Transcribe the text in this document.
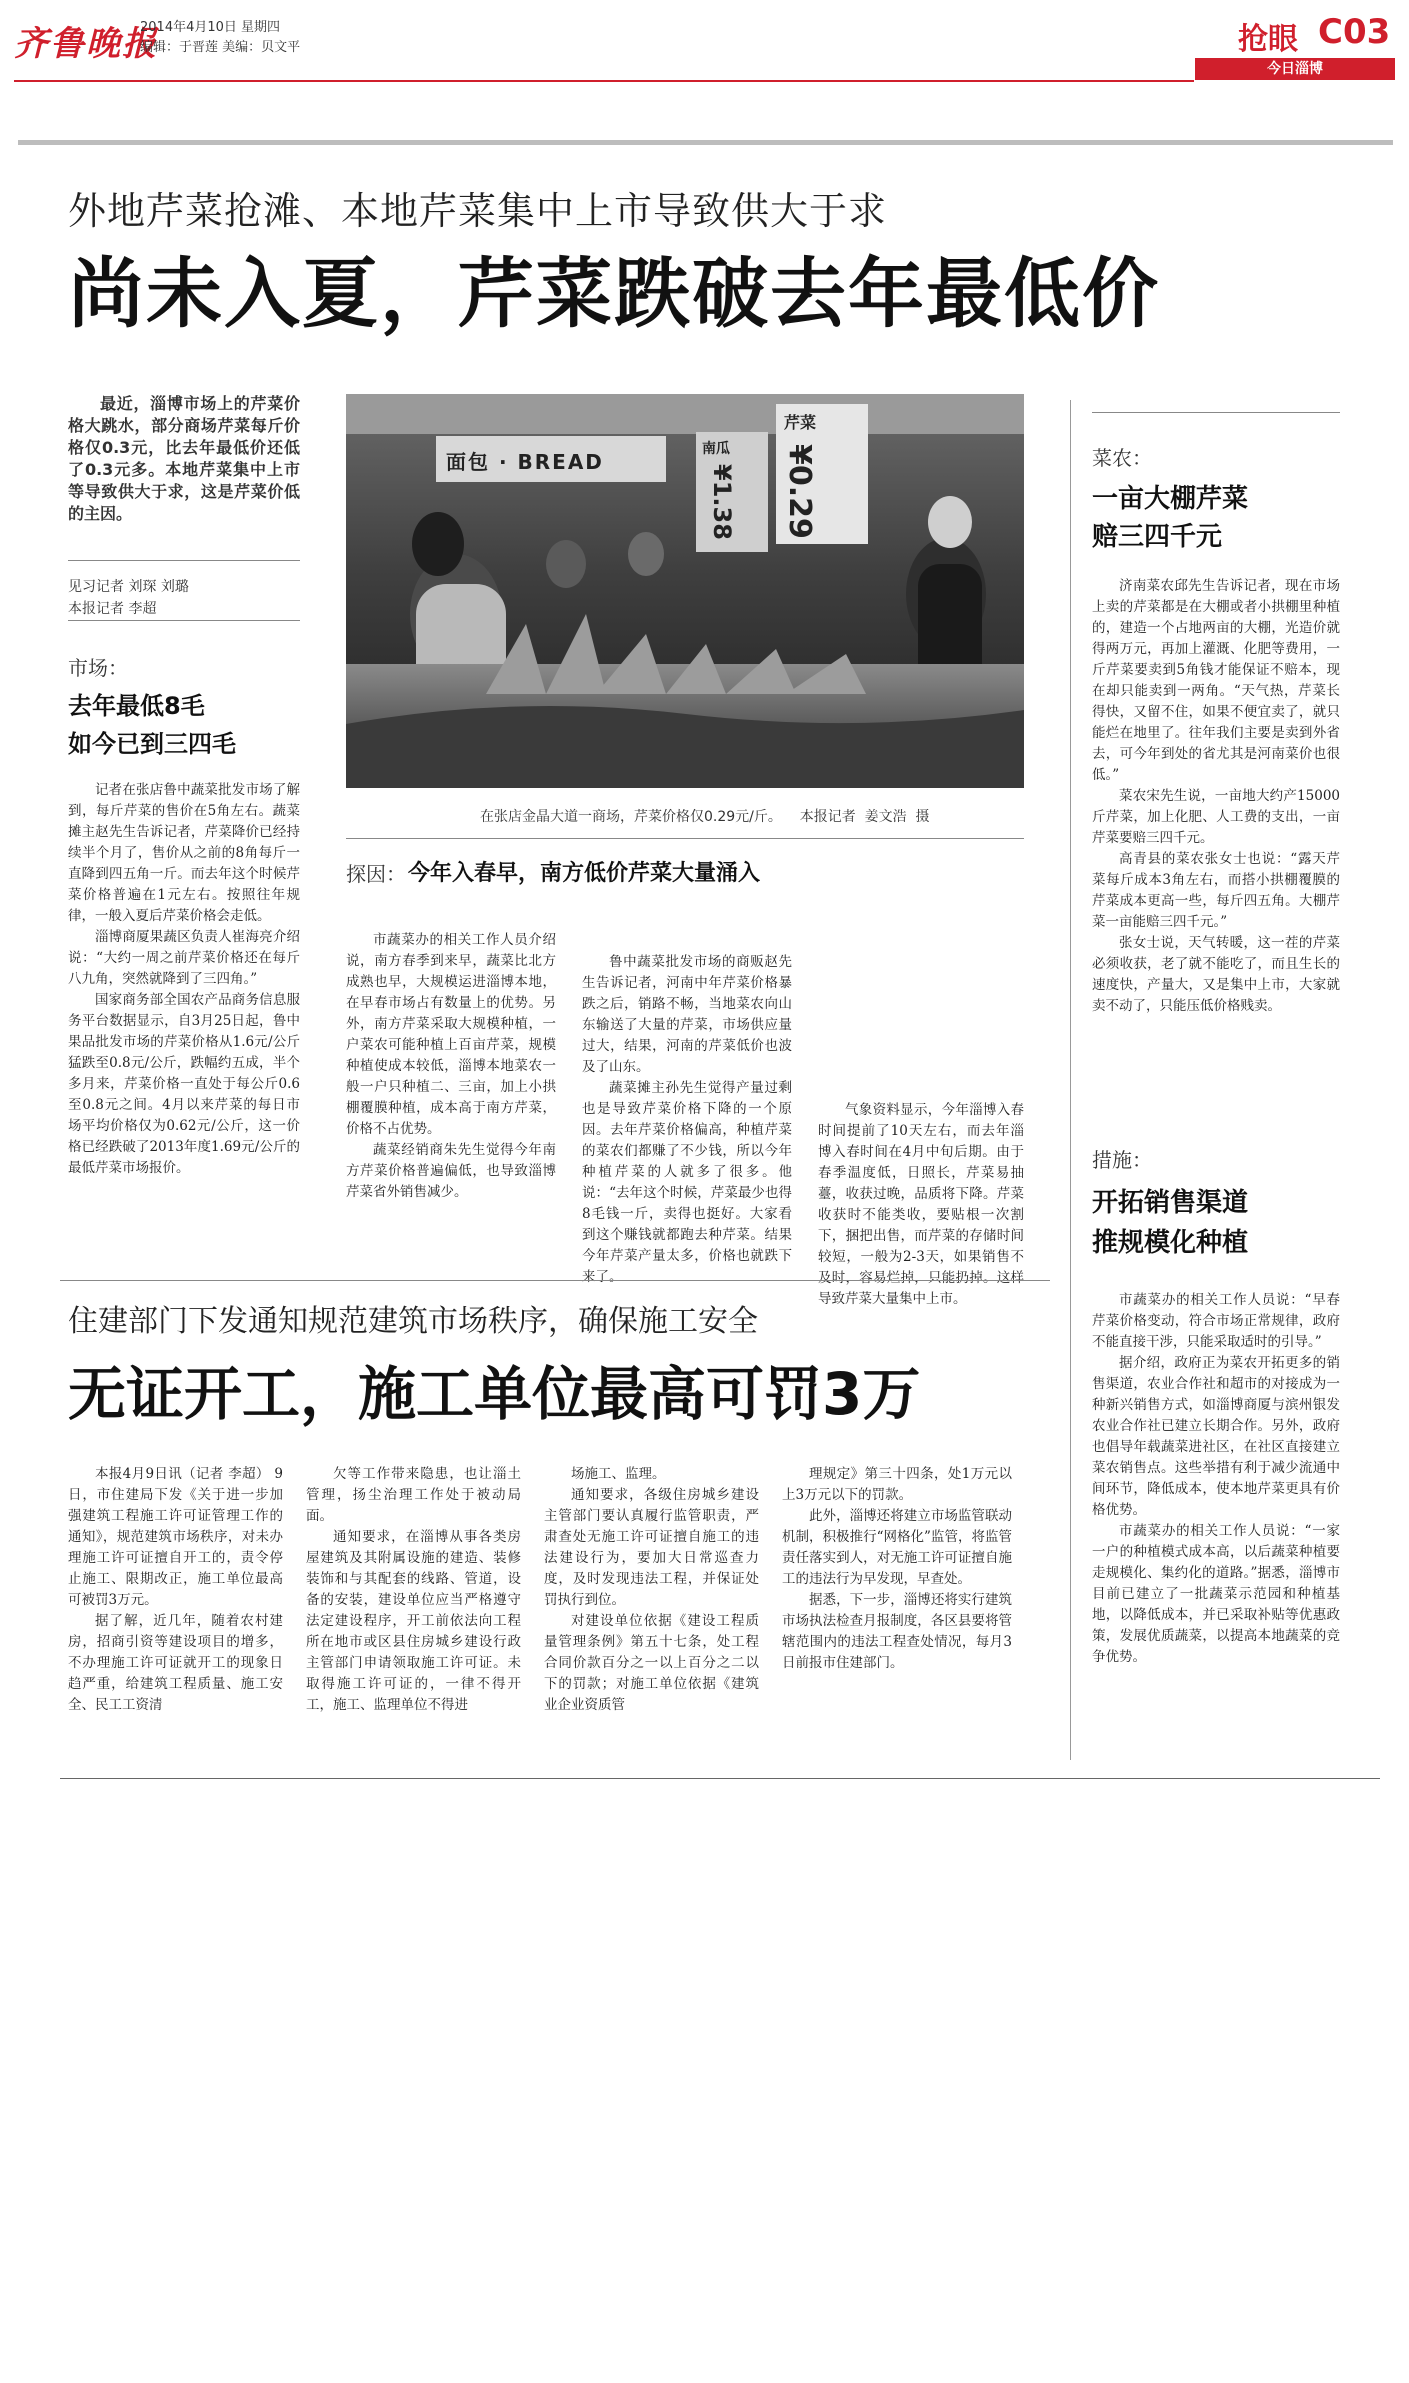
齐鲁晚报
2014年4月10日 星期四
编辑：于晋莲 美编：贝文平	抢眼 C03
今日淄博
外地芹菜抢滩、本地芹菜集中上市导致供大于求
尚未入夏，芹菜跌破去年最低价
最近，淄博市场上的芹菜价格大跳水，部分商场芹菜每斤价格仅0.3元，比去年最低价还低了0.3元多。本地芹菜集中上市等导致供大于求，这是芹菜价低的主因。
见习记者 刘琛 刘璐
本报记者 李超
市场：
去年最低8毛
如今已到三四毛

记者在张店鲁中蔬菜批发市场了解到，每斤芹菜的售价在5角左右。蔬菜摊主赵先生告诉记者，芹菜降价已经持续半个月了，售价从之前的8角每斤一直降到四五角一斤。而去年这个时候芹菜价格普遍在1元左右。按照往年规律，一般入夏后芹菜价格会走低。

淄博商厦果蔬区负责人崔海亮介绍说：“大约一周之前芹菜价格还在每斤八九角，突然就降到了三四角。”

国家商务部全国农产品商务信息服务平台数据显示，自3月25日起，鲁中果品批发市场的芹菜价格从1.6元/公斤猛跌至0.8元/公斤，跌幅约五成，半个多月来，芹菜价格一直处于每公斤0.6至0.8元之间。4月以来芹菜的每日市场平均价格仅为0.62元/公斤，这一价格已经跌破了2013年度1.69元/公斤的最低芹菜市场报价。

面包 · BREAD
芹菜
¥0.29
南瓜
¥1.38
在张店金晶大道一商场，芹菜价格仅0.29元/斤。    本报记者  姜文浩  摄
探因： 今年入春早，南方低价芹菜大量涌入

市蔬菜办的相关工作人员介绍说，南方春季到来早，蔬菜比北方成熟也早，大规模运进淄博本地，在早春市场占有数量上的优势。另外，南方芹菜采取大规模种植，一户菜农可能种植上百亩芹菜，规模种植使成本较低，淄博本地菜农一般一户只种植二、三亩，加上小拱棚覆膜种植，成本高于南方芹菜，价格不占优势。

蔬菜经销商朱先生觉得今年南方芹菜价格普遍偏低，也导致淄博芹菜省外销售减少。

鲁中蔬菜批发市场的商贩赵先生告诉记者，河南中年芹菜价格暴跌之后，销路不畅，当地菜农向山东输送了大量的芹菜，市场供应量过大，结果，河南的芹菜低价也波及了山东。

蔬菜摊主孙先生觉得产量过剩也是导致芹菜价格下降的一个原因。去年芹菜价格偏高，种植芹菜的菜农们都赚了不少钱，所以今年种植芹菜的人就多了很多。他说：“去年这个时候，芹菜最少也得8毛钱一斤，卖得也挺好。大家看到这个赚钱就都跑去种芹菜。结果今年芹菜产量太多，价格也就跌下来了。

气象资料显示，今年淄博入春时间提前了10天左右，而去年淄博入春时间在4月中旬后期。由于春季温度低，日照长，芹菜易抽薹，收获过晚，品质将下降。芹菜收获时不能类收，要贴根一次割下，捆把出售，而芹菜的存储时间较短，一般为2-3天，如果销售不及时，容易烂掉，只能扔掉。这样导致芹菜大量集中上市。

菜农：
一亩大棚芹菜
赔三四千元

济南菜农邱先生告诉记者，现在市场上卖的芹菜都是在大棚或者小拱棚里种植的，建造一个占地两亩的大棚，光造价就得两万元，再加上灌溉、化肥等费用，一斤芹菜要卖到5角钱才能保证不赔本，现在却只能卖到一两角。“天气热，芹菜长得快，又留不住，如果不便宜卖了，就只能烂在地里了。往年我们主要是卖到外省去，可今年到处的省尤其是河南菜价也很低。”

菜农宋先生说，一亩地大约产15000斤芹菜，加上化肥、人工费的支出，一亩芹菜要赔三四千元。

高青县的菜农张女士也说：“露天芹菜每斤成本3角左右，而搭小拱棚覆膜的芹菜成本更高一些，每斤四五角。大棚芹菜一亩能赔三四千元。”

张女士说，天气转暖，这一茬的芹菜必须收获，老了就不能吃了，而且生长的速度快，产量大，又是集中上市，大家就卖不动了，只能压低价格贱卖。

措施：
开拓销售渠道
推规模化种植

市蔬菜办的相关工作人员说：“早春芹菜价格变动，符合市场正常规律，政府不能直接干涉，只能采取适时的引导。”

据介绍，政府正为菜农开拓更多的销售渠道，农业合作社和超市的对接成为一种新兴销售方式，如淄博商厦与滨州银发农业合作社已建立长期合作。另外，政府也倡导年载蔬菜进社区，在社区直接建立菜农销售点。这些举措有利于减少流通中间环节，降低成本，使本地芹菜更具有价格优势。

市蔬菜办的相关工作人员说：“一家一户的种植模式成本高，以后蔬菜种植要走规模化、集约化的道路。”据悉，淄博市目前已建立了一批蔬菜示范园和种植基地，以降低成本，并已采取补贴等优惠政策，发展优质蔬菜，以提高本地蔬菜的竞争优势。

住建部门下发通知规范建筑市场秩序，确保施工安全
无证开工，施工单位最高可罚3万

本报4月9日讯（记者 李超） 9日，市住建局下发《关于进一步加强建筑工程施工许可证管理工作的通知》，规范建筑市场秩序，对未办理施工许可证擅自开工的，责令停止施工、限期改正，施工单位最高可被罚3万元。

据了解，近几年，随着农村建房，招商引资等建设项目的增多，不办理施工许可证就开工的现象日趋严重，给建筑工程质量、施工安全、民工工资清

欠等工作带来隐患，也让淄土管理，扬尘治理工作处于被动局面。

通知要求，在淄博从事各类房屋建筑及其附属设施的建造、装修装饰和与其配套的线路、管道，设备的安装，建设单位应当严格遵守法定建设程序，开工前依法向工程所在地市或区县住房城乡建设行政主管部门申请领取施工许可证。未取得施工许可证的，一律不得开工，施工、监理单位不得进

场施工、监理。

通知要求，各级住房城乡建设主管部门要认真履行监管职责，严肃查处无施工许可证擅自施工的违法建设行为，要加大日常巡查力度，及时发现违法工程，并保证处罚执行到位。

对建设单位依据《建设工程质量管理条例》第五十七条，处工程合同价款百分之一以上百分之二以下的罚款；对施工单位依据《建筑业企业资质管

理规定》第三十四条，处1万元以上3万元以下的罚款。

此外，淄博还将建立市场监管联动机制，积极推行“网格化”监管，将监管责任落实到人，对无施工许可证擅自施工的违法行为早发现，早查处。

据悉，下一步，淄博还将实行建筑市场执法检查月报制度，各区县要将管辖范围内的违法工程查处情况，每月3日前报市住建部门。
